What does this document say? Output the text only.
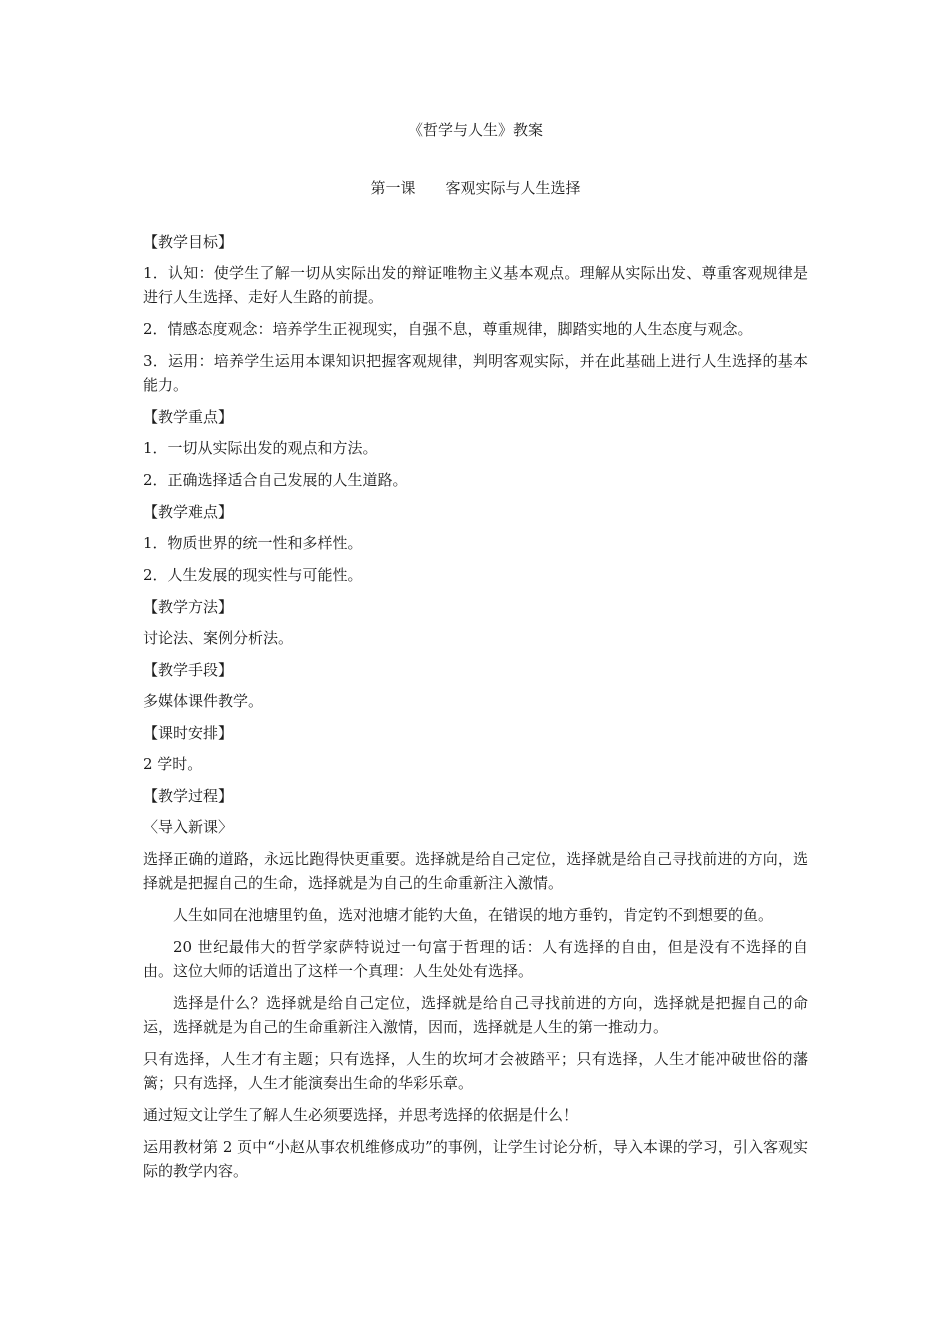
《哲学与人生》教案
第一课　　客观实际与人生选择
【教学目标】
1．认知：使学生了解一切从实际出发的辩证唯物主义基本观点。理解从实际出发、尊重客观规律是进行人生选择、走好人生路的前提。
2．情感态度观念：培养学生正视现实，自强不息，尊重规律，脚踏实地的人生态度与观念。
3．运用：培养学生运用本课知识把握客观规律，判明客观实际，并在此基础上进行人生选择的基本能力。
【教学重点】
1．一切从实际出发的观点和方法。
2．正确选择适合自己发展的人生道路。
【教学难点】
1．物质世界的统一性和多样性。
2．人生发展的现实性与可能性。
【教学方法】
讨论法、案例分析法。
【教学手段】
多媒体课件教学。
【课时安排】
2 学时。
【教学过程】
〈导入新课〉
选择正确的道路，永远比跑得快更重要。选择就是给自己定位，选择就是给自己寻找前进的方向，选择就是把握自己的生命，选择就是为自己的生命重新注入激情。
人生如同在池塘里钓鱼，选对池塘才能钓大鱼，在错误的地方垂钓，肯定钓不到想要的鱼。
20 世纪最伟大的哲学家萨特说过一句富于哲理的话：人有选择的自由，但是没有不选择的自由。这位大师的话道出了这样一个真理：人生处处有选择。
选择是什么？选择就是给自己定位，选择就是给自己寻找前进的方向，选择就是把握自己的命运，选择就是为自己的生命重新注入激情，因而，选择就是人生的第一推动力。
只有选择，人生才有主题；只有选择，人生的坎坷才会被踏平；只有选择，人生才能冲破世俗的藩篱；只有选择，人生才能演奏出生命的华彩乐章。
通过短文让学生了解人生必须要选择，并思考选择的依据是什么！
运用教材第 2 页中“小赵从事农机维修成功”的事例，让学生讨论分析，导入本课的学习，引入客观实际的教学内容。
